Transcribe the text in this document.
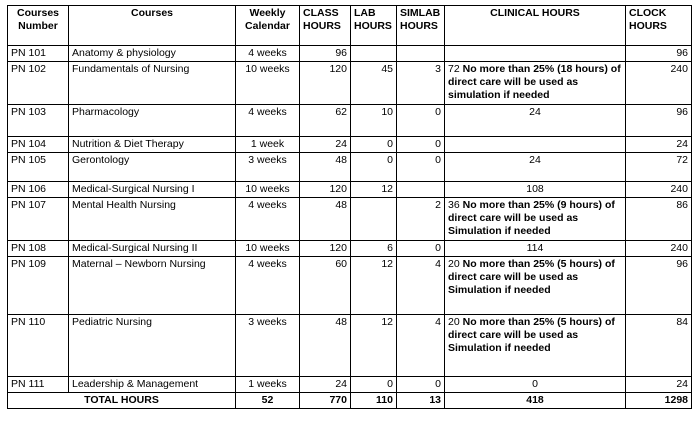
Courses Number	Courses	Weekly Calendar	CLASS HOURS	LAB HOURS	SIMLAB HOURS	CLINICAL HOURS	CLOCK HOURS
PN 101	Anatomy & physiology	4 weeks	96				96
PN 102	Fundamentals of Nursing	10 weeks	120	45	3	72 No more than 25% (18 hours) of direct care will be used as simulation if needed	240
PN 103	Pharmacology	4 weeks	62	10	0	24	96
PN 104	Nutrition & Diet Therapy	1 week	24	0	0		24
PN 105	Gerontology	3 weeks	48	0	0	24	72
PN 106	Medical-Surgical Nursing I	10 weeks	120	12		108	240
PN 107	Mental Health Nursing	4 weeks	48		2	36 No more than 25% (9 hours) of direct care will be used as Simulation if needed	86
PN 108	Medical-Surgical Nursing II	10 weeks	120	6	0	114	240
PN 109	Maternal – Newborn Nursing	4 weeks	60	12	4	20 No more than 25% (5 hours) of direct care will be used as Simulation if needed	96
PN 110	Pediatric Nursing	3 weeks	48	12	4	20 No more than 25% (5 hours) of direct care will be used as Simulation if needed	84
PN 111	Leadership & Management	1 weeks	24	0	0	0	24
TOTAL HOURS		52	770	110	13	418	1298
